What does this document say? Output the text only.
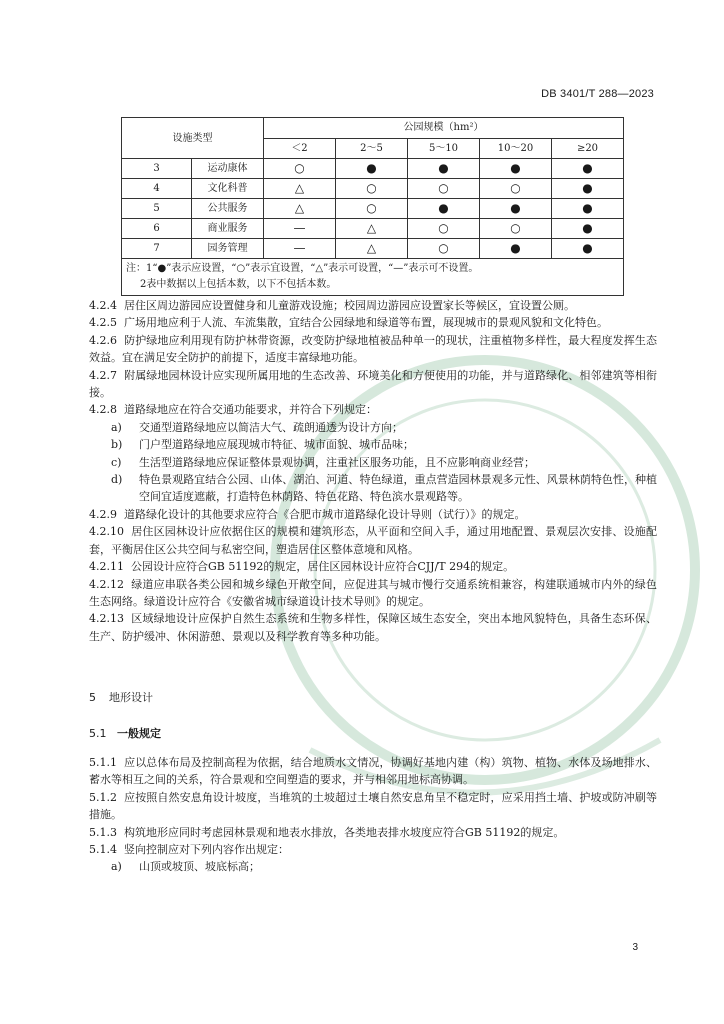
DB 3401/T 288—2023
设施类型		公园规模（hm²）				
		＜2	2～5	5～10	10～20	≥20
3	运动康体	○	●	●	●	●
4	文化科普	△	○	○	○	●
5	公共服务	△	○	●	●	●
6	商业服务	—	△	○	○	●
7	园务管理	—	△	○	●	●

注：1“●”表示应设置，“○”表示宜设置，“△”表示可设置，“—”表示可不设置。
2表中数据以上包括本数，以下不包括本数。						

4.2.4 居住区周边游园应设置健身和儿童游戏设施；校园周边游园应设置家长等候区，宜设置公厕。

4.2.5 广场用地应利于人流、车流集散，宜结合公园绿地和绿道等布置，展现城市的景观风貌和文化特色。

4.2.6 防护绿地应利用现有防护林带资源，改变防护绿地植被品种单一的现状，注重植物多样性，最大程度发挥生态效益。宜在满足安全防护的前提下，适度丰富绿地功能。

4.2.7 附属绿地园林设计应实现所属用地的生态改善、环境美化和方便使用的功能，并与道路绿化、相邻建筑等相衔接。

4.2.8 道路绿地应在符合交通功能要求，并符合下列规定：

a) 交通型道路绿地应以简洁大气、疏朗通透为设计方向；

b) 门户型道路绿地应展现城市特征、城市面貌、城市品味；

c) 生活型道路绿地应保证整体景观协调，注重社区服务功能，且不应影响商业经营；

d) 特色景观路宜结合公园、山体、湖泊、河道、特色绿道，重点营造园林景观多元性、风景林荫特色性，种植空间宜适度遮蔽，打造特色林荫路、特色花路、特色滨水景观路等。

4.2.9 道路绿化设计的其他要求应符合《合肥市城市道路绿化设计导则（试行）》的规定。

4.2.10 居住区园林设计应依据住区的规模和建筑形态，从平面和空间入手，通过用地配置、景观层次安排、设施配套，平衡居住区公共空间与私密空间，塑造居住区整体意境和风格。

4.2.11 公园设计应符合GB 51192的规定，居住区园林设计应符合CJJ/T 294的规定。

4.2.12 绿道应串联各类公园和城乡绿色开敞空间，应促进其与城市慢行交通系统相兼容，构建联通城市内外的绿色生态网络。绿道设计应符合《安徽省城市绿道设计技术导则》的规定。

4.2.13 区域绿地设计应保护自然生态系统和生物多样性，保障区域生态安全，突出本地风貌特色，具备生态环保、生产、防护缓冲、休闲游憩、景观以及科学教育等多种功能。

5 地形设计

5.1 一般规定

5.1.1 应以总体布局及控制高程为依据，结合地质水文情况，协调好基地内建（构）筑物、植物、水体及场地排水、蓄水等相互之间的关系，符合景观和空间塑造的要求，并与相邻用地标高协调。

5.1.2 应按照自然安息角设计坡度，当堆筑的土坡超过土壤自然安息角呈不稳定时，应采用挡土墙、护坡或防冲刷等措施。

5.1.3 构筑地形应同时考虑园林景观和地表水排放，各类地表排水坡度应符合GB 51192的规定。

5.1.4 竖向控制应对下列内容作出规定：

a) 山顶或坡顶、坡底标高；

3
